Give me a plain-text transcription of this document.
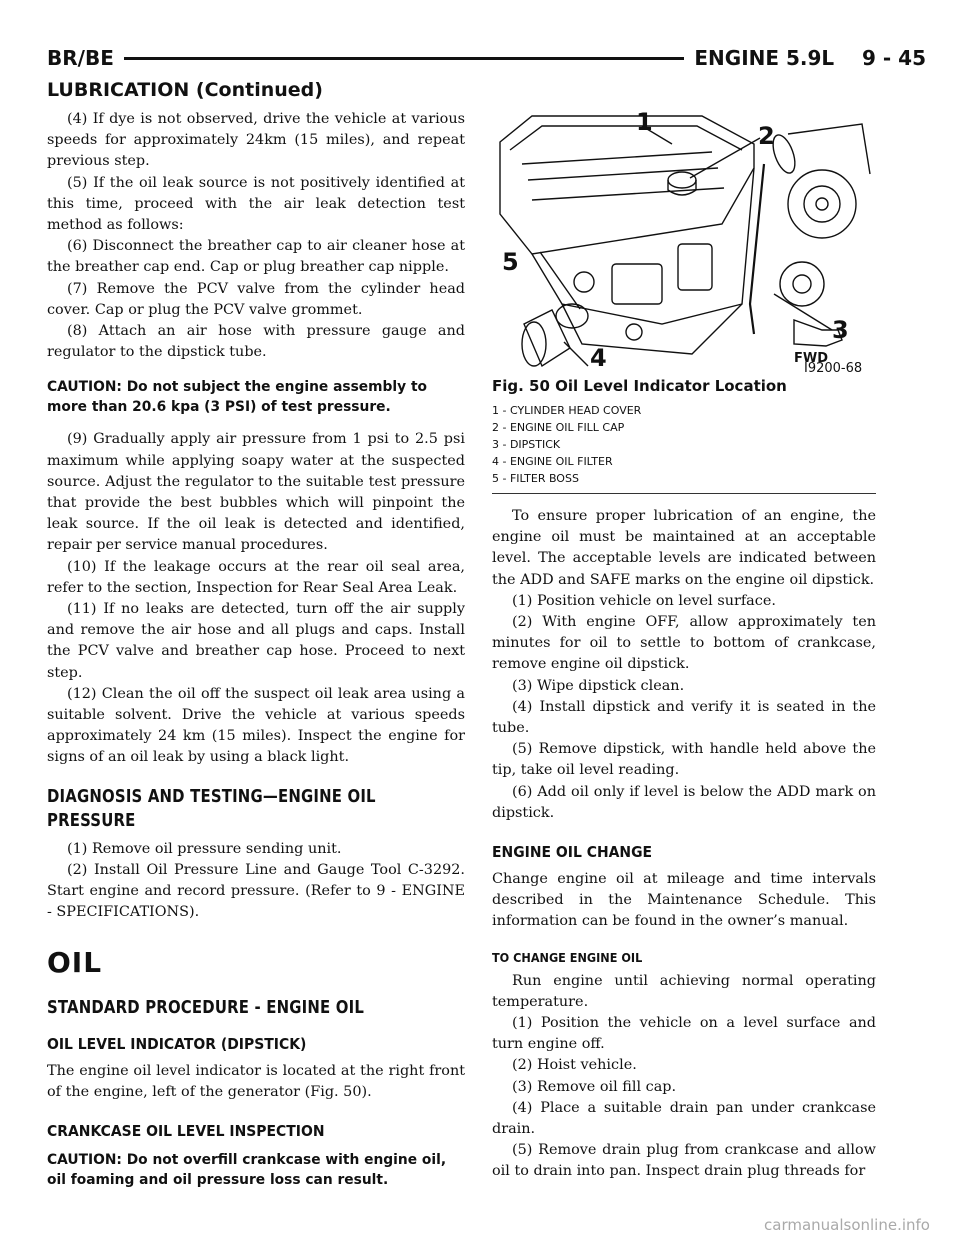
BR/BE	ENGINE 5.9L    9 - 45
LUBRICATION (Continued)

(4) If dye is not observed, drive the vehicle at various speeds for approximately 24km (15 miles), and repeat previous step.

(5) If the oil leak source is not positively identified at this time, proceed with the air leak detection test method as follows:

(6) Disconnect the breather cap to air cleaner hose at the breather cap end. Cap or plug breather cap nipple.

(7) Remove the PCV valve from the cylinder head cover. Cap or plug the PCV valve grommet.

(8) Attach an air hose with pressure gauge and regulator to the dipstick tube.

CAUTION: Do not subject the engine assembly to more than 20.6 kpa (3 PSI) of test pressure.

(9) Gradually apply air pressure from 1 psi to 2.5 psi maximum while applying soapy water at the suspected source. Adjust the regulator to the suitable test pressure that provide the best bubbles which will pinpoint the leak source. If the oil leak is detected and identified, repair per service manual procedures.

(10) If the leakage occurs at the rear oil seal area, refer to the section, Inspection for Rear Seal Area Leak.

(11) If no leaks are detected, turn off the air supply and remove the air hose and all plugs and caps. Install the PCV valve and breather cap hose. Proceed to next step.

(12) Clean the oil off the suspect oil leak area using a suitable solvent. Drive the vehicle at various speeds approximately 24 km (15 miles). Inspect the engine for signs of an oil leak by using a black light.

DIAGNOSIS AND TESTING—ENGINE OIL PRESSURE

(1) Remove oil pressure sending unit.

(2) Install Oil Pressure Line and Gauge Tool C-3292. Start engine and record pressure. (Refer to 9 - ENGINE - SPECIFICATIONS).

OIL
STANDARD PROCEDURE - ENGINE OIL
OIL LEVEL INDICATOR (DIPSTICK)

The engine oil level indicator is located at the right front of the engine, left of the generator (Fig. 50).

CRANKCASE OIL LEVEL INSPECTION

CAUTION: Do not overfill crankcase with engine oil, oil foaming and oil pressure loss can result.

1	2
3
4
5
FWD
J9200-68
Fig. 50 Oil Level Indicator Location
1 - CYLINDER HEAD COVER
2 - ENGINE OIL FILL CAP
3 - DIPSTICK
4 - ENGINE OIL FILTER
5 - FILTER BOSS

To ensure proper lubrication of an engine, the engine oil must be maintained at an acceptable level. The acceptable levels are indicated between the ADD and SAFE marks on the engine oil dipstick.

(1) Position vehicle on level surface.

(2) With engine OFF, allow approximately ten minutes for oil to settle to bottom of crankcase, remove engine oil dipstick.

(3) Wipe dipstick clean.

(4) Install dipstick and verify it is seated in the tube.

(5) Remove dipstick, with handle held above the tip, take oil level reading.

(6) Add oil only if level is below the ADD mark on dipstick.

ENGINE OIL CHANGE

Change engine oil at mileage and time intervals described in the Maintenance Schedule. This information can be found in the owner’s manual.

TO CHANGE ENGINE OIL

Run engine until achieving normal operating temperature.

(1) Position the vehicle on a level surface and turn engine off.

(2) Hoist vehicle.

(3) Remove oil fill cap.

(4) Place a suitable drain pan under crankcase drain.

(5) Remove drain plug from crankcase and allow oil to drain into pan. Inspect drain plug threads for

carmanualsonline.info
